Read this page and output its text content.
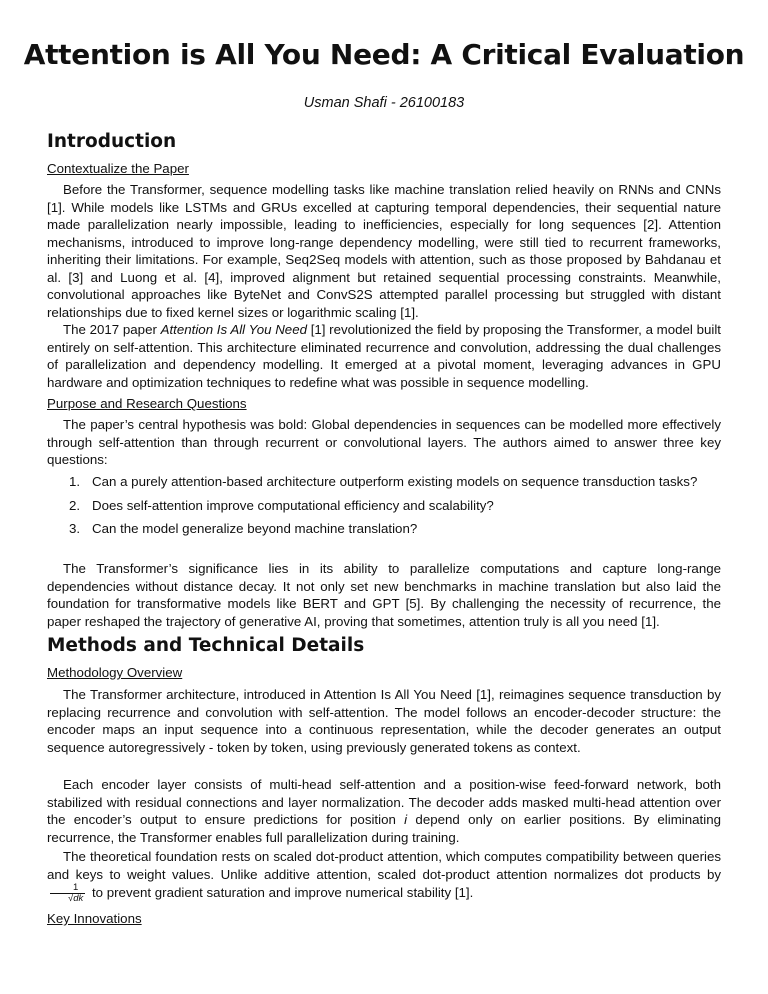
Attention is All You Need: A Critical Evaluation
Usman Shafi - 26100183
Introduction
Contextualize the Paper

Before the Transformer, sequence modelling tasks like machine translation relied heavily on RNNs and CNNs [1]. While models like LSTMs and GRUs excelled at capturing temporal dependencies, their sequential nature made parallelization nearly impossible, leading to inefficiencies, especially for long sequences [2]. Attention mechanisms, introduced to improve long-range dependency modelling, were still tied to recurrent frameworks, inheriting their limitations. For example, Seq2Seq models with attention, such as those proposed by Bahdanau et al. [3] and Luong et al. [4], improved alignment but retained sequential processing constraints. Meanwhile, convolutional approaches like ByteNet and ConvS2S attempted parallel processing but struggled with distant relationships due to fixed kernel sizes or logarithmic scaling [1].

The 2017 paper Attention Is All You Need [1] revolutionized the field by proposing the Transformer, a model built entirely on self-attention. This architecture eliminated recurrence and convolution, addressing the dual challenges of parallelization and dependency modelling. It emerged at a pivotal moment, leveraging advances in GPU hardware and optimization techniques to redefine what was possible in sequence modelling.

Purpose and Research Questions

The paper’s central hypothesis was bold: Global dependencies in sequences can be modelled more effectively through self-attention than through recurrent or convolutional layers. The authors aimed to answer three key questions:

1. Can a purely attention-based architecture outperform existing models on sequence transduction tasks?
2. Does self-attention improve computational efficiency and scalability?
3. Can the model generalize beyond machine translation?

The Transformer’s significance lies in its ability to parallelize computations and capture long-range dependencies without distance decay. It not only set new benchmarks in machine translation but also laid the foundation for transformative models like BERT and GPT [5]. By challenging the necessity of recurrence, the paper reshaped the trajectory of generative AI, proving that sometimes, attention truly is all you need [1].

Methods and Technical Details
Methodology Overview

The Transformer architecture, introduced in Attention Is All You Need [1], reimagines sequence transduction by replacing recurrence and convolution with self-attention. The model follows an encoder-decoder structure: the encoder maps an input sequence into a continuous representation, while the decoder generates an output sequence autoregressively - token by token, using previously generated tokens as context.

Each encoder layer consists of multi-head self-attention and a position-wise feed-forward network, both stabilized with residual connections and layer normalization. The decoder adds masked multi-head attention over the encoder’s output to ensure predictions for position i depend only on earlier positions. By eliminating recurrence, the Transformer enables full parallelization during training.

The theoretical foundation rests on scaled dot-product attention, which computes compatibility between queries and keys to weight values. Unlike additive attention, scaled dot-product attention normalizes dot products by
$\frac{1}{√dk}$ to prevent gradient saturation and improve numerical stability [1].

Key Innovations
